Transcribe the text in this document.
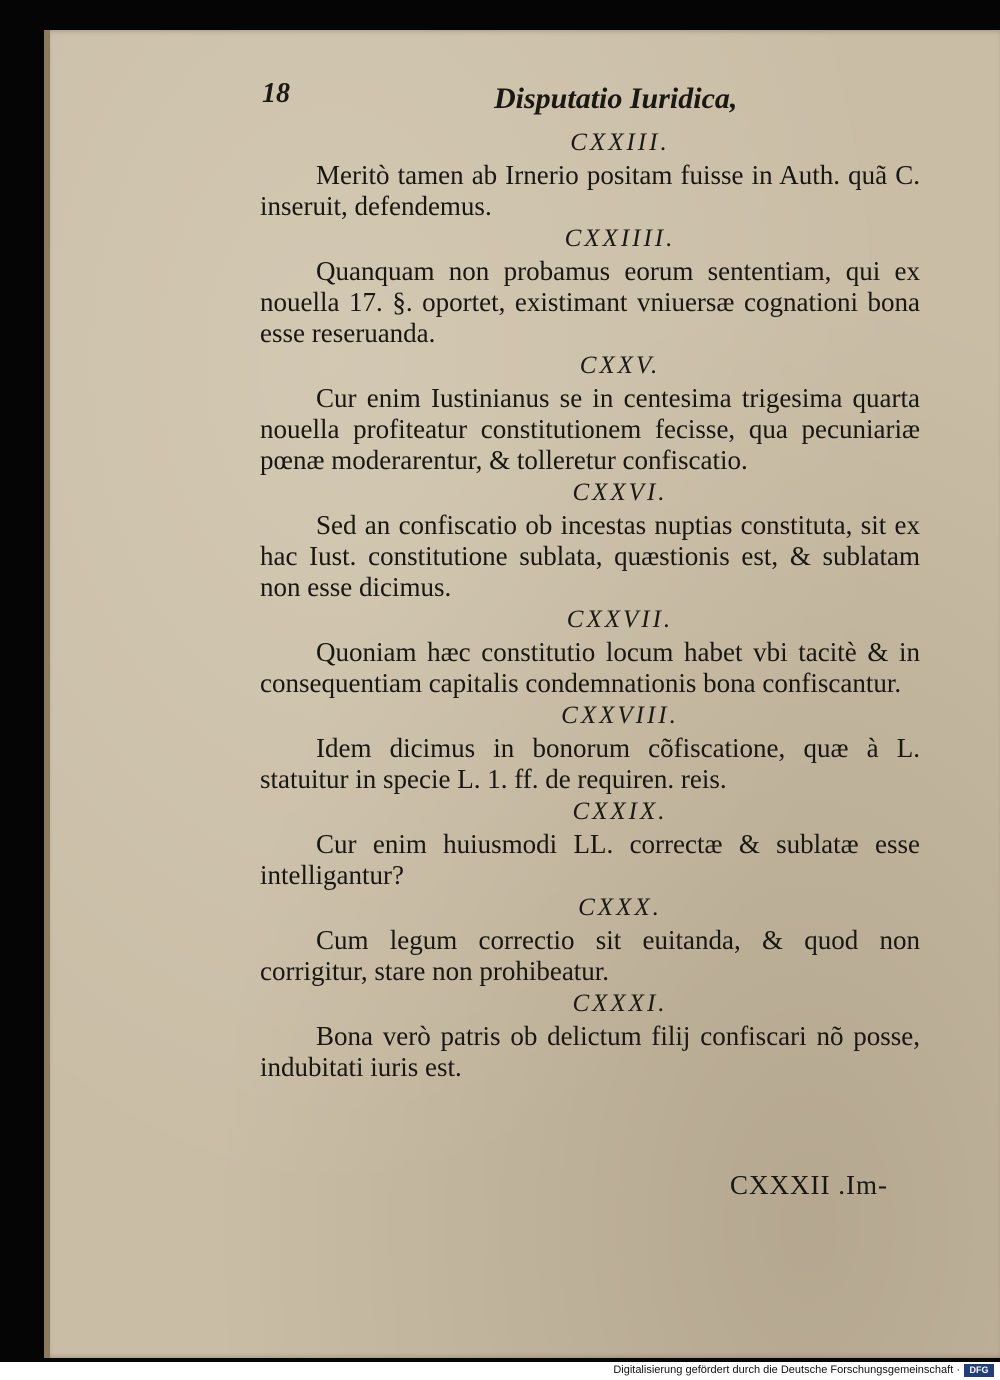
18	Disputatio Iuridica,
CXXIII.

Meritò tamen ab Irnerio positam fuisse in Auth. quã C. inseruit, defendemus.

CXXIIII.

Quanquam non probamus eorum sententiam, qui ex nouella 17. §. oportet, existimant vniuersæ cognationi bona esse reseruanda.

CXXV.

Cur enim Iustinianus se in centesima trigesima quarta nouella profiteatur constitutionem fecisse, qua pecuniariæ pœnæ moderarentur, & tolleretur confiscatio.

CXXVI.

Sed an confiscatio ob incestas nuptias constituta, sit ex hac Iust. constitutione sublata, quæstionis est, & sublatam non esse dicimus.

CXXVII.

Quoniam hæc constitutio locum habet vbi tacitè & in consequentiam capitalis condemnationis bona confiscantur.

CXXVIII.

Idem dicimus in bonorum cõfiscatione, quæ à L. statuitur in specie L. 1. ff. de requiren. reis.

CXXIX.

Cur enim huiusmodi LL. correctæ & sublatæ esse intelligantur?

CXXX.

Cum legum correctio sit euitanda, & quod non corrigitur, stare non prohibeatur.

CXXXI.

Bona verò patris ob delictum filij confiscari nõ posse, indubitati iuris est.

CXXXII .Im-
Digitalisierung gefördert durch die Deutsche Forschungsgemeinschaft ·	DFG
